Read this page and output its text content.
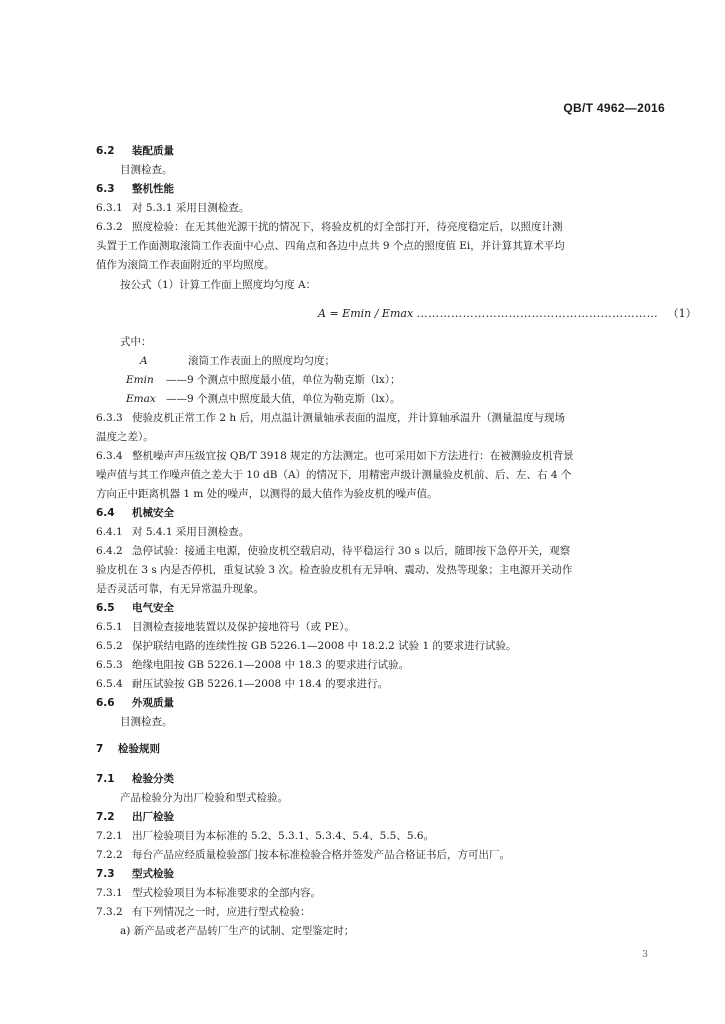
QB/T 4962—2016
6.2 装配质量
目测检查。
6.3 整机性能
6.3.1 对 5.3.1 采用目测检查。
6.3.2 照度检验：在无其他光源干扰的情况下，将验皮机的灯全部打开，待亮度稳定后，以照度计测
头置于工作面测取滚筒工作表面中心点、四角点和各边中点共 9 个点的照度值 Ei，并计算其算术平均
值作为滚筒工作表面附近的平均照度。
按公式（1）计算工作面上照度均匀度 A：
A = Emin / Emax ……………………………………………………… （1）
式中：
A	滚筒工作表面上的照度均匀度；
Emin ——9 个测点中照度最小值，单位为勒克斯（lx）；
Emax ——9 个测点中照度最大值，单位为勒克斯（lx）。
6.3.3 使验皮机正常工作 2 h 后，用点温计测量轴承表面的温度，并计算轴承温升（测量温度与现场
温度之差）。
6.3.4 整机噪声声压级宜按 QB/T 3918 规定的方法测定。也可采用如下方法进行：在被测验皮机背景
噪声值与其工作噪声值之差大于 10 dB（A）的情况下，用精密声级计测量验皮机前、后、左、右 4 个
方向正中距离机器 1 m 处的噪声，以测得的最大值作为验皮机的噪声值。
6.4 机械安全
6.4.1 对 5.4.1 采用目测检查。
6.4.2 急停试验：接通主电源，使验皮机空载启动，待平稳运行 30 s 以后，随即按下急停开关，观察
验皮机在 3 s 内是否停机，重复试验 3 次。检查验皮机有无异响、震动、发热等现象；主电源开关动作
是否灵活可靠，有无异常温升现象。
6.5 电气安全
6.5.1 目测检查接地装置以及保护接地符号（或 PE）。
6.5.2 保护联结电路的连续性按 GB 5226.1—2008 中 18.2.2 试验 1 的要求进行试验。
6.5.3 绝缘电阻按 GB 5226.1—2008 中 18.3 的要求进行试验。
6.5.4 耐压试验按 GB 5226.1—2008 中 18.4 的要求进行。
6.6 外观质量
目测检查。
7 检验规则
7.1 检验分类
产品检验分为出厂检验和型式检验。
7.2 出厂检验
7.2.1 出厂检验项目为本标准的 5.2、5.3.1、5.3.4、5.4、5.5、5.6。
7.2.2 每台产品应经质量检验部门按本标准检验合格并签发产品合格证书后，方可出厂。
7.3 型式检验
7.3.1 型式检验项目为本标准要求的全部内容。
7.3.2 有下列情况之一时，应进行型式检验：
a) 新产品或老产品转厂生产的试制、定型鉴定时；
3
